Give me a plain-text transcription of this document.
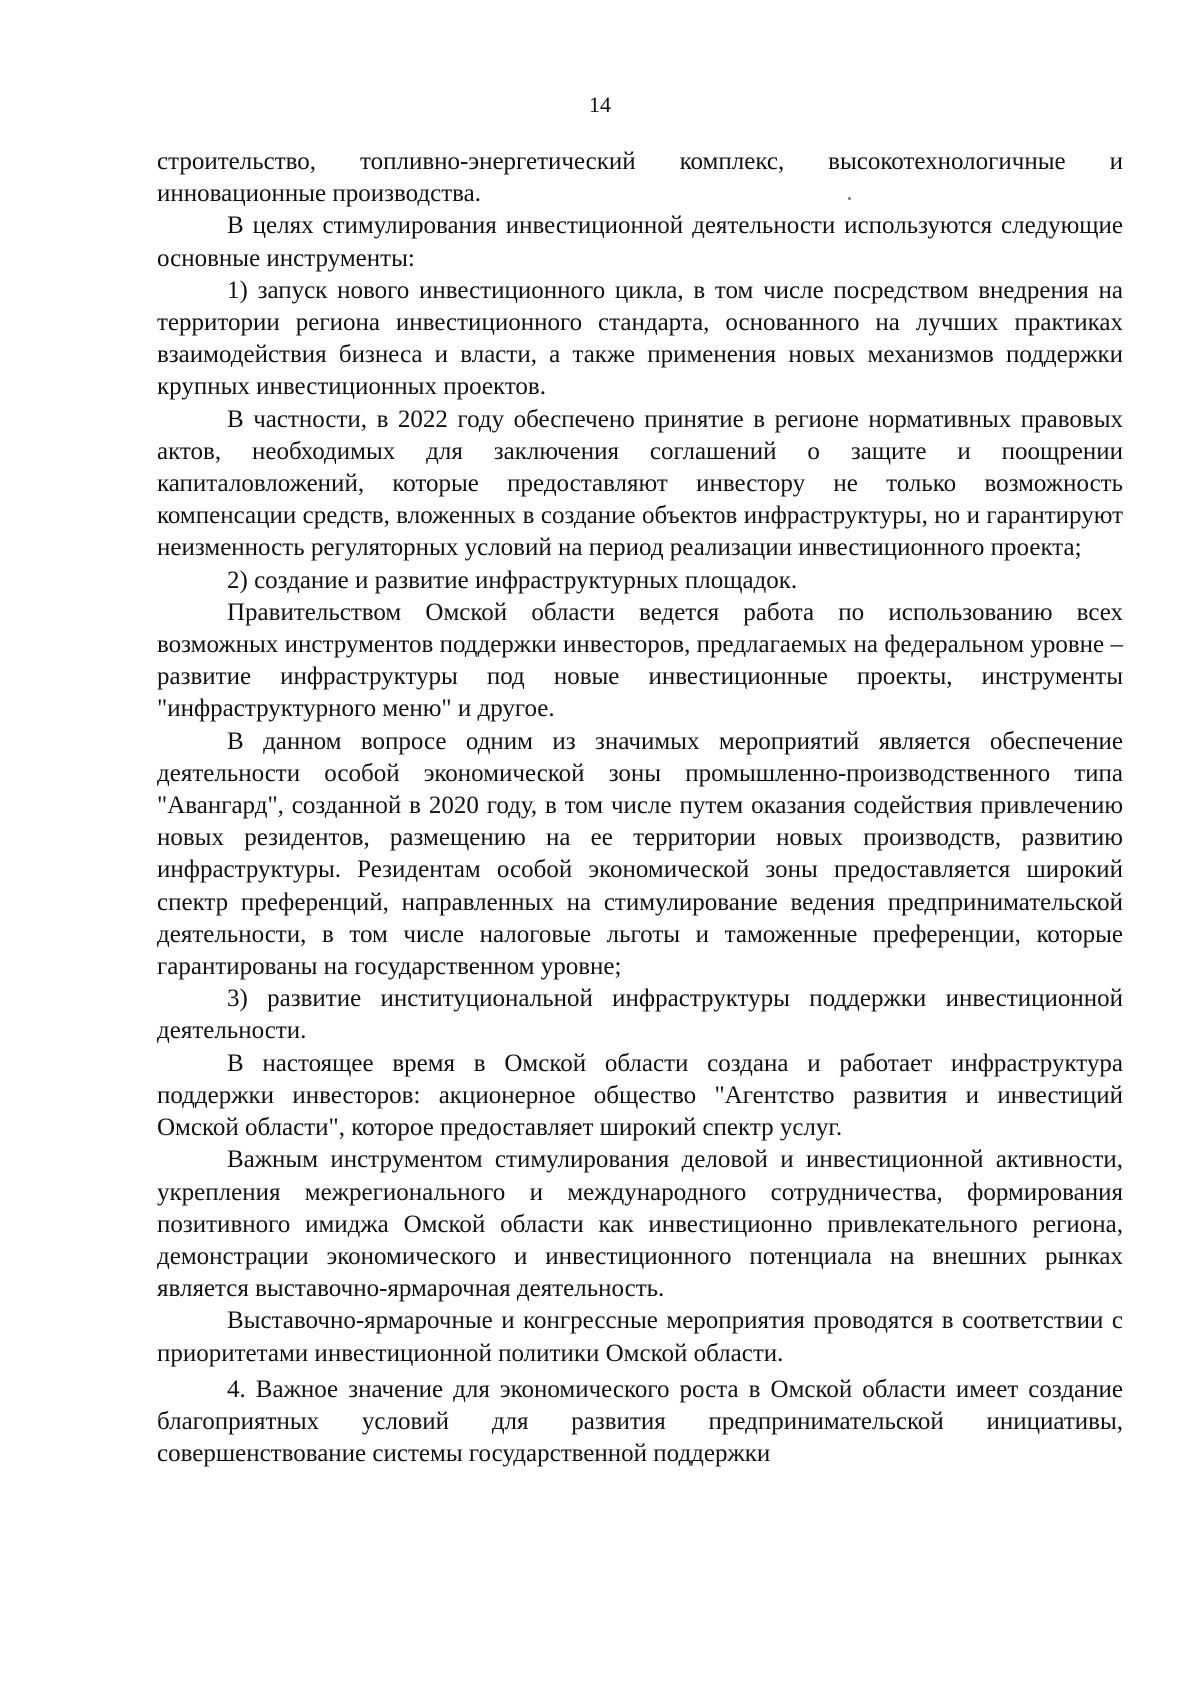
14

строительство, топливно-энергетический комплекс, высокотехнологичные и инновационные производства.

В целях стимулирования инвестиционной деятельности используются следующие основные инструменты:

1) запуск нового инвестиционного цикла, в том числе посредством внедрения на территории региона инвестиционного стандарта, основанного на лучших практиках взаимодействия бизнеса и власти, а также применения новых механизмов поддержки крупных инвестиционных проектов.

В частности, в 2022 году обеспечено принятие в регионе нормативных правовых актов, необходимых для заключения соглашений о защите и поощрении капиталовложений, которые предоставляют инвестору не только возможность компенсации средств, вложенных в создание объектов инфраструктуры, но и гарантируют неизменность регуляторных условий на период реализации инвестиционного проекта;

2) создание и развитие инфраструктурных площадок.

Правительством Омской области ведется работа по использованию всех возможных инструментов поддержки инвесторов, предлагаемых на федеральном уровне – развитие инфраструктуры под новые инвестиционные проекты, инструменты "инфраструктурного меню" и другое.

В данном вопросе одним из значимых мероприятий является обеспечение деятельности особой экономической зоны промышленно-производственного типа "Авангард", созданной в 2020 году, в том числе путем оказания содействия привлечению новых резидентов, размещению на ее территории новых производств, развитию инфраструктуры. Резидентам особой экономической зоны предоставляется широкий спектр преференций, направленных на стимулирование ведения предпринимательской деятельности, в том числе налоговые льготы и таможенные преференции, которые гарантированы на государственном уровне;

3) развитие институциональной инфраструктуры поддержки инвестиционной деятельности.

В настоящее время в Омской области создана и работает инфраструктура поддержки инвесторов: акционерное общество "Агентство развития и инвестиций Омской области", которое предоставляет широкий спектр услуг.

Важным инструментом стимулирования деловой и инвестиционной активности, укрепления межрегионального и международного сотрудничества, формирования позитивного имиджа Омской области как инвестиционно привлекательного региона, демонстрации экономического и инвестиционного потенциала на внешних рынках является выставочно-ярмарочная деятельность.

Выставочно-ярмарочные и конгрессные мероприятия проводятся в соответствии с приоритетами инвестиционной политики Омской области.

4. Важное значение для экономического роста в Омской области имеет создание благоприятных условий для развития предпринимательской инициативы, совершенствование системы государственной поддержки
